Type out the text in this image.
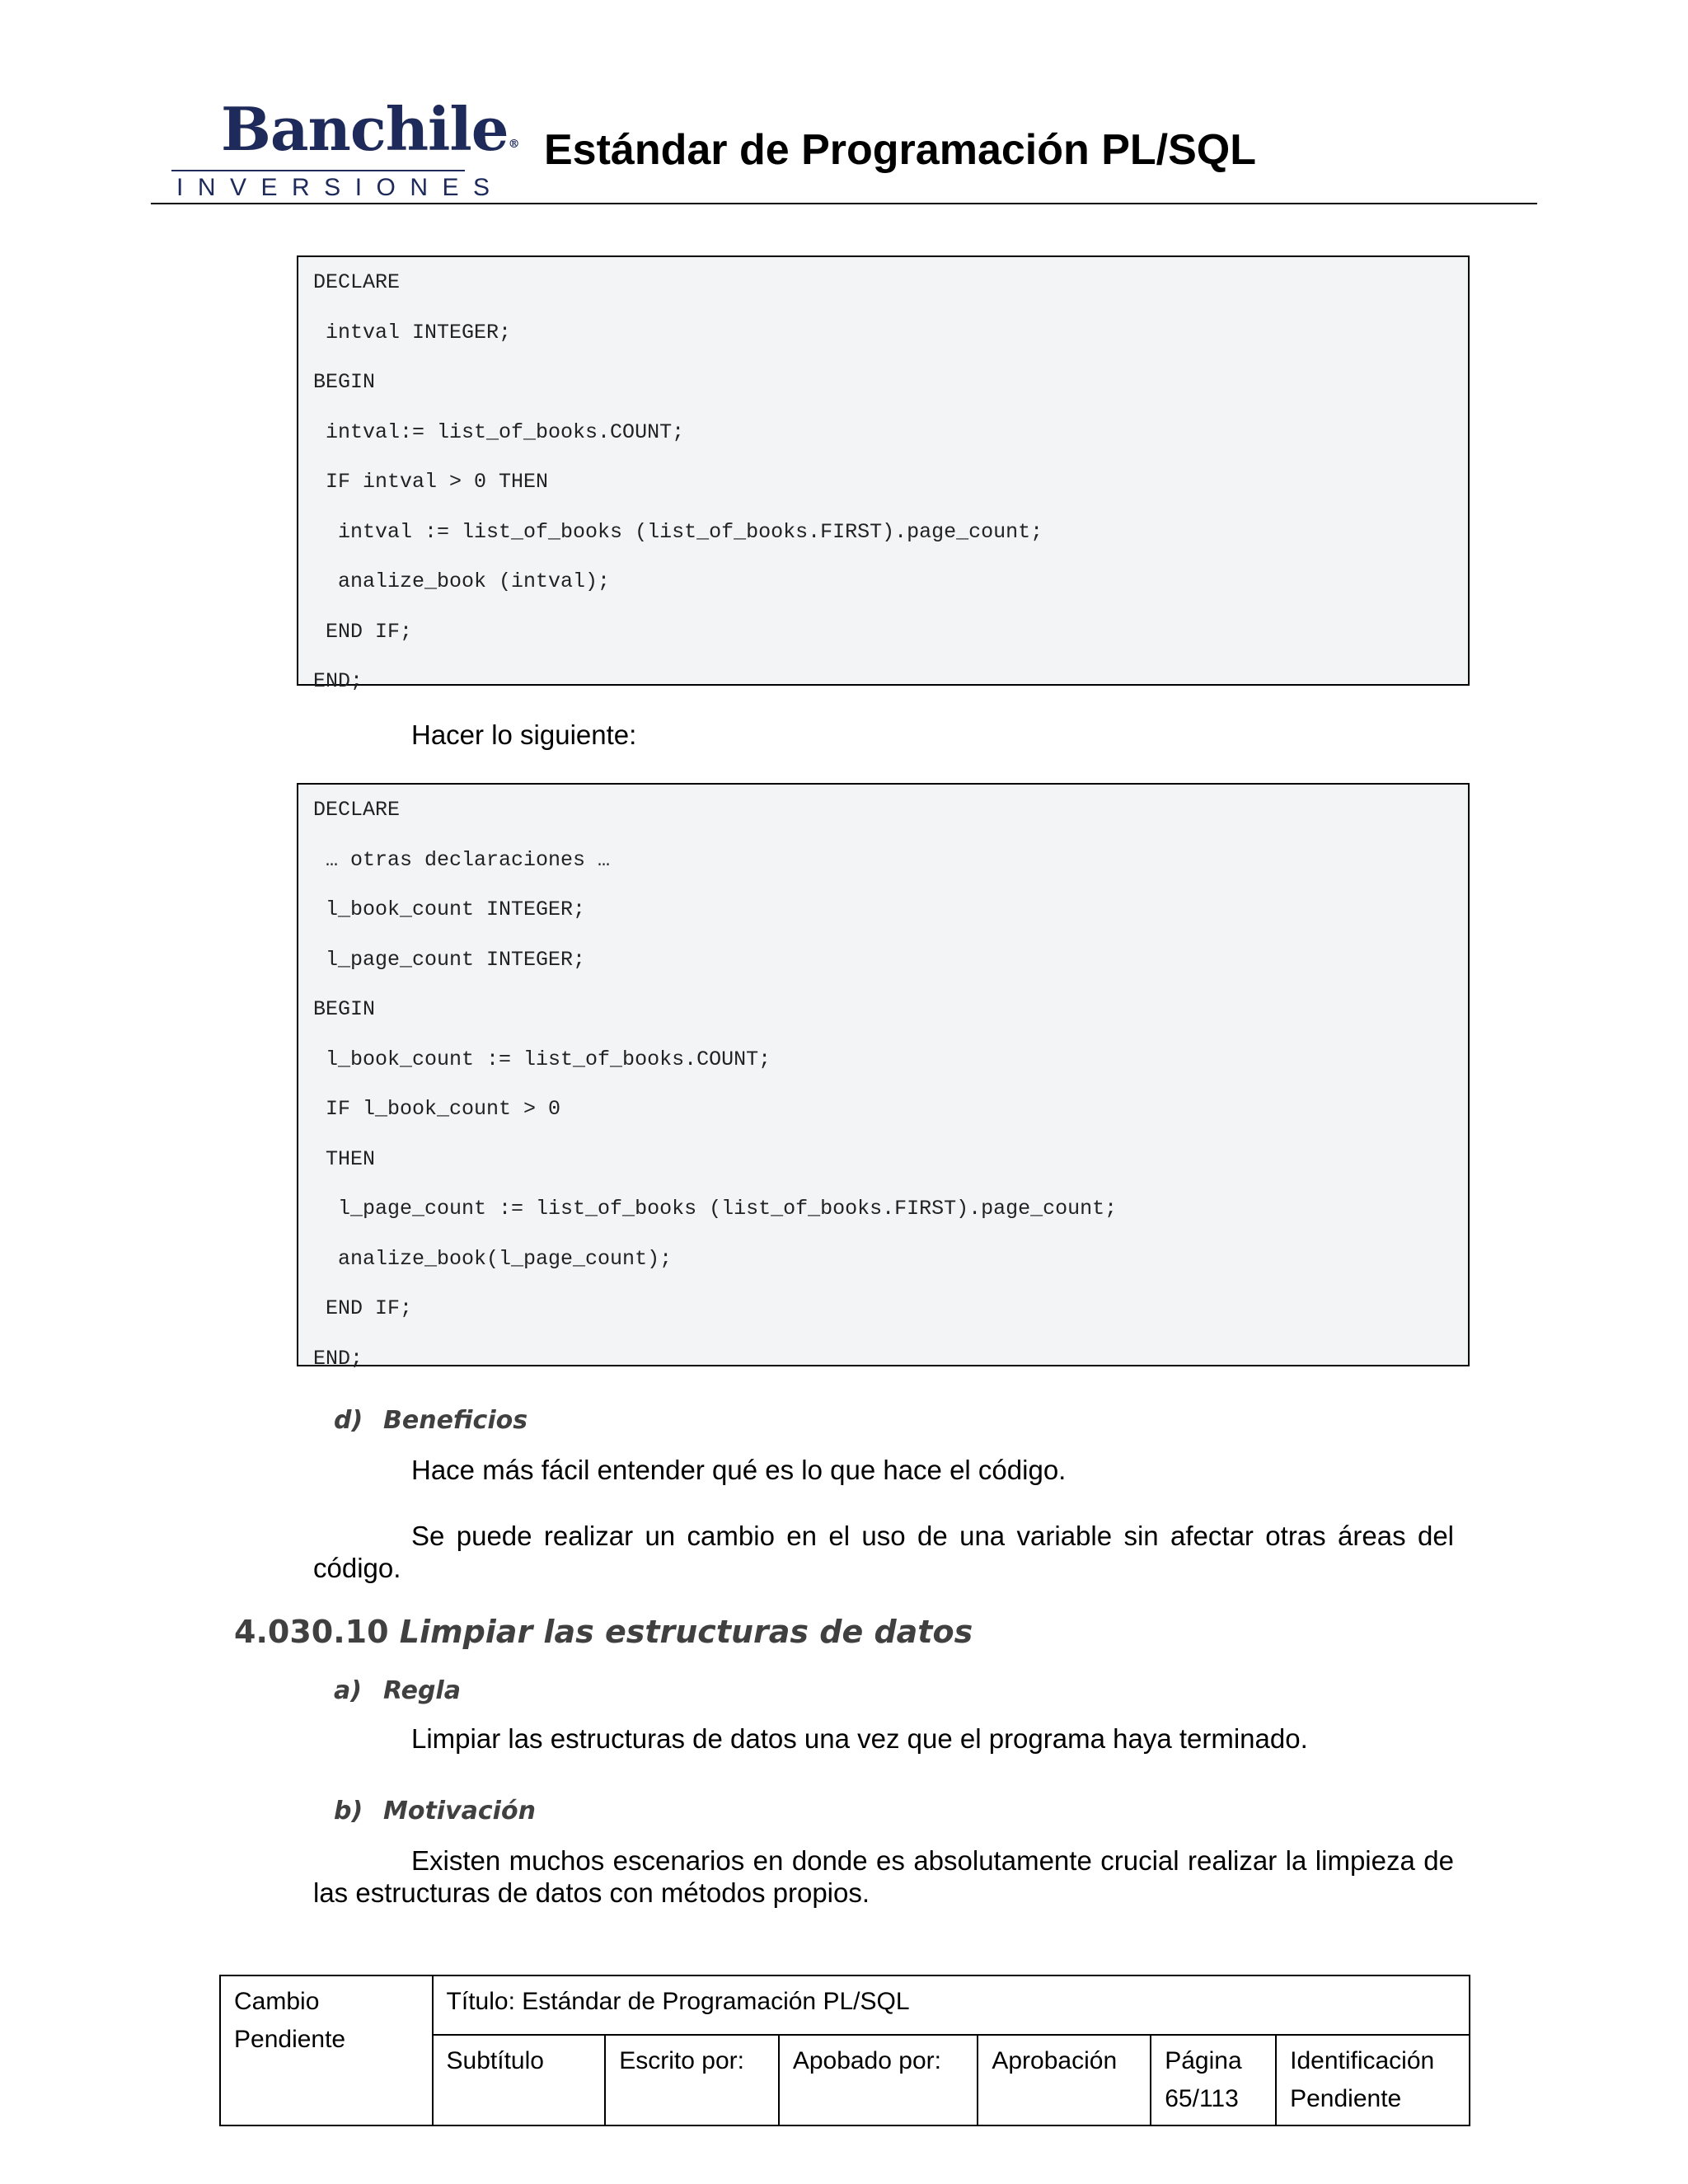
Banchile®
INVERSIONES
Estándar de Programación PL/SQL
DECLARE
intval INTEGER;
BEGIN
intval:= list_of_books.COUNT;
IF intval > 0 THEN
intval := list_of_books (list_of_books.FIRST).page_count;
analize_book (intval);
END IF;
END;
Hacer lo siguiente:
DECLARE
… otras declaraciones …
l_book_count INTEGER;
l_page_count INTEGER;
BEGIN
l_book_count := list_of_books.COUNT;
IF l_book_count > 0
THEN
l_page_count := list_of_books (list_of_books.FIRST).page_count;
analize_book(l_page_count);
END IF;
END;
d) Beneficios
Hace más fácil entender qué es lo que hace el código.
Se puede realizar un cambio en el uso de una variable sin afectar otras áreas del código.
4.030.10 Limpiar las estructuras de datos
a) Regla
Limpiar las estructuras de datos una vez que el programa haya terminado.
b) Motivación
Existen muchos escenarios en donde es absolutamente crucial realizar la limpieza de las estructuras de datos con métodos propios.
Cambio Pendiente	Título: Estándar de Programación PL/SQL					
	Subtítulo	Escrito por:	Apobado por:	Aprobación	Página 65/113	Identificación Pendiente
